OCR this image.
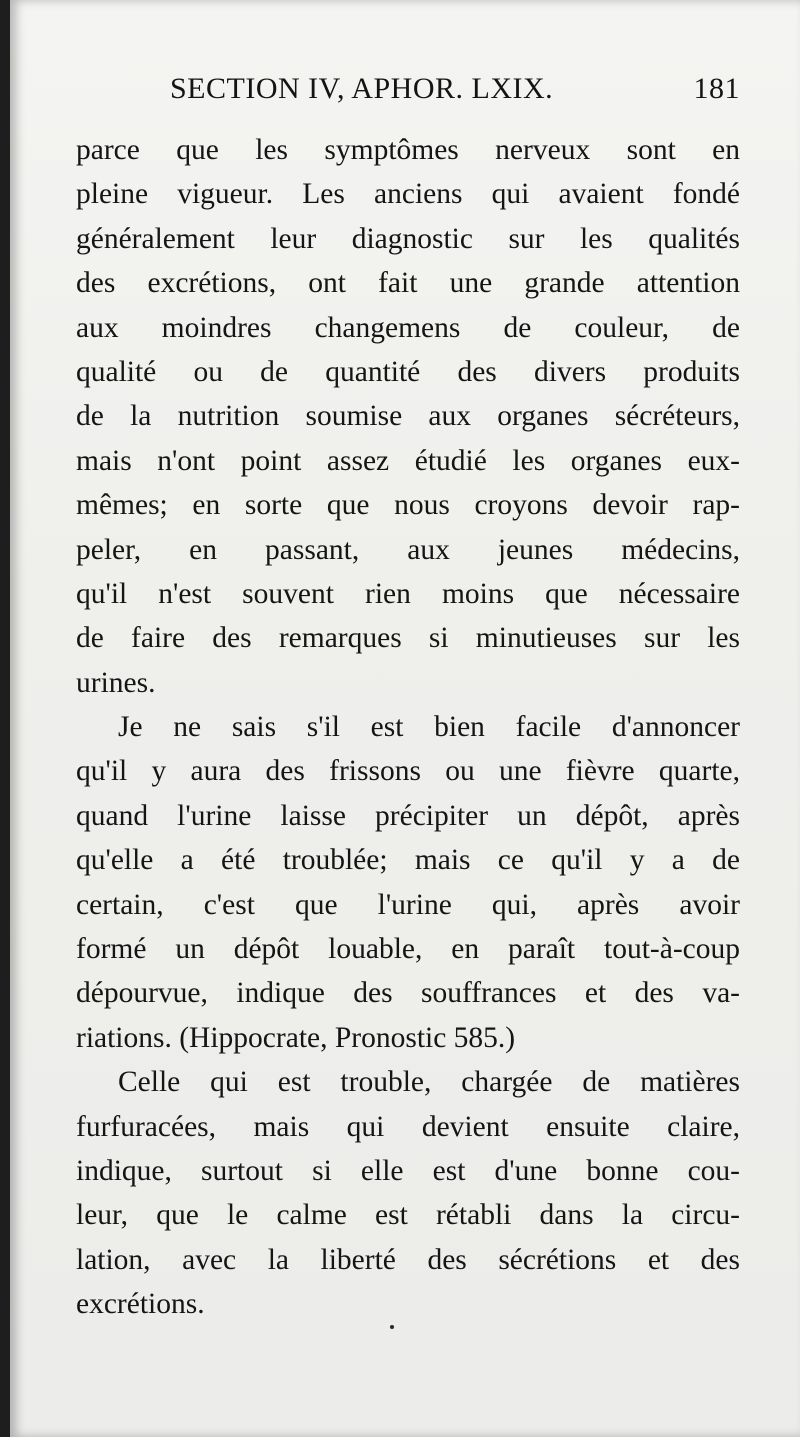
SECTION IV, APHOR. LXIX.	181
parce que les symptômes nerveux sont en
pleine vigueur. Les anciens qui avaient fondé
généralement leur diagnostic sur les qualités
des excrétions, ont fait une grande attention
aux moindres changemens de couleur, de
qualité ou de quantité des divers produits
de la nutrition soumise aux organes sécréteurs,
mais n'ont point assez étudié les organes eux-
mêmes; en sorte que nous croyons devoir rap-
peler, en passant, aux jeunes médecins,
qu'il n'est souvent rien moins que nécessaire
de faire des remarques si minutieuses sur les
urines.
Je ne sais s'il est bien facile d'annoncer
qu'il y aura des frissons ou une fièvre quarte,
quand l'urine laisse précipiter un dépôt, après
qu'elle a été troublée; mais ce qu'il y a de
certain, c'est que l'urine qui, après avoir
formé un dépôt louable, en paraît tout-à-coup
dépourvue, indique des souffrances et des va-
riations. (Hippocrate, Pronostic 585.)
Celle qui est trouble, chargée de matières
furfuracées, mais qui devient ensuite claire,
indique, surtout si elle est d'une bonne cou-
leur, que le calme est rétabli dans la circu-
lation, avec la liberté des sécrétions et des
excrétions.
